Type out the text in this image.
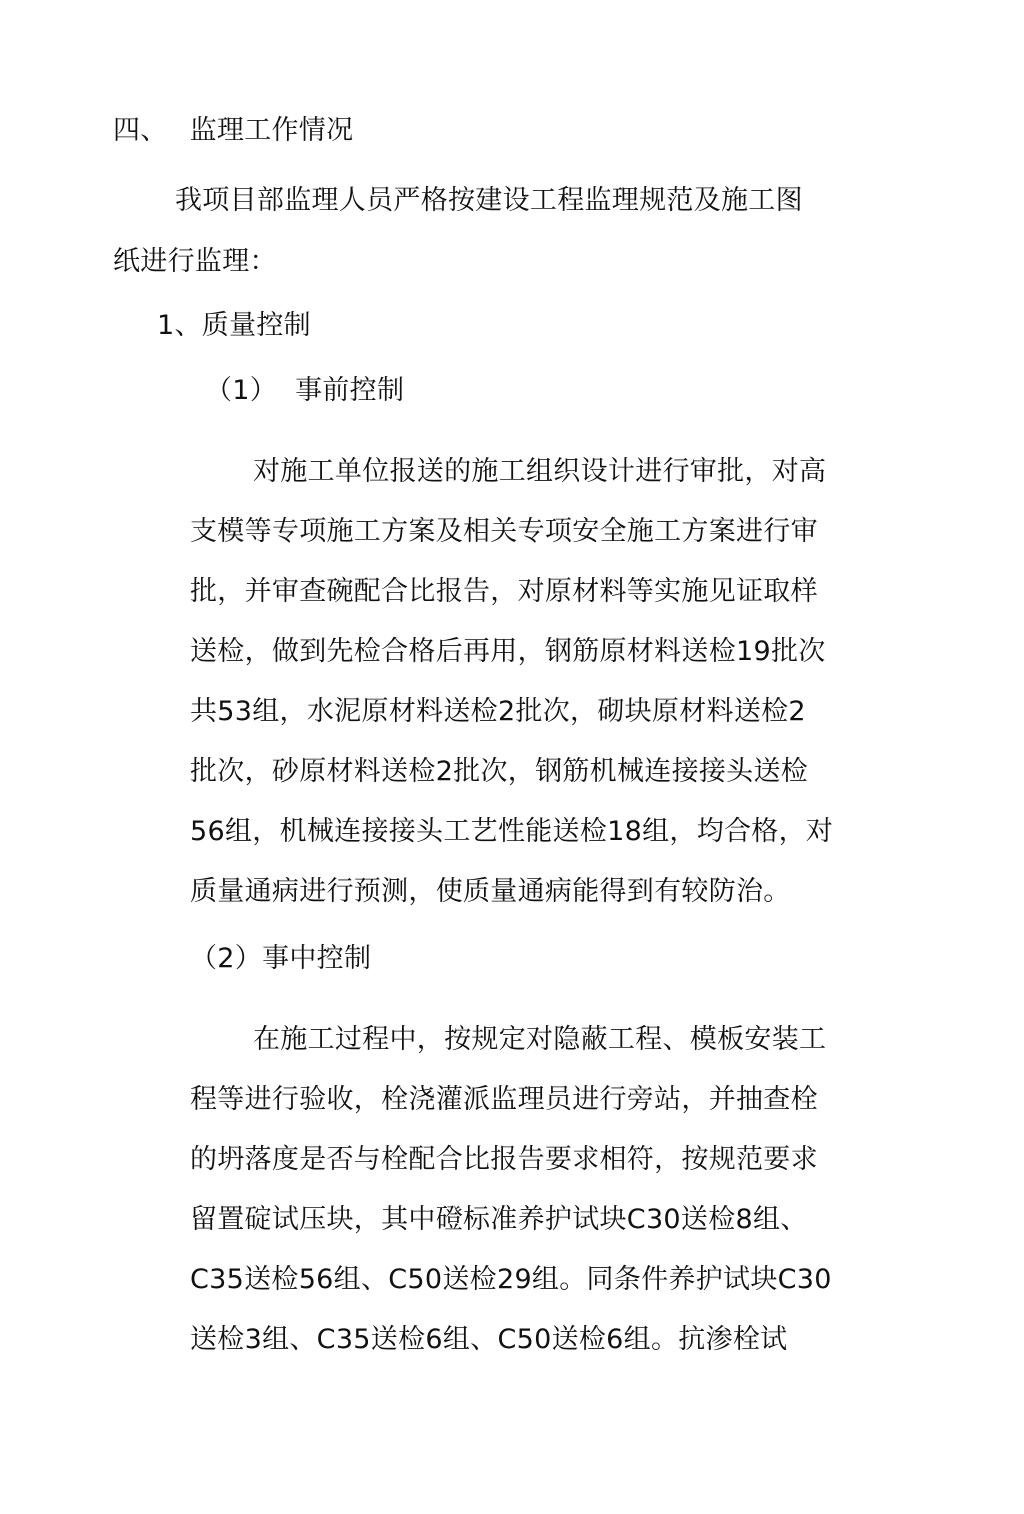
四、 监理工作情况
我项目部监理人员严格按建设工程监理规范及施工图
纸进行监理：
1、质量控制
（1） 事前控制
对施工单位报送的施工组织设计进行审批，对高
支模等专项施工方案及相关专项安全施工方案进行审
批，并审查碗配合比报告，对原材料等实施见证取样
送检，做到先检合格后再用，钢筋原材料送检19批次
共53组，水泥原材料送检2批次，砌块原材料送检2
批次，砂原材料送检2批次，钢筋机械连接接头送检
56组，机械连接接头工艺性能送检18组，均合格，对
质量通病进行预测，使质量通病能得到有较防治。
（2）事中控制
在施工过程中，按规定对隐蔽工程、模板安装工
程等进行验收，栓浇灌派监理员进行旁站，并抽查栓
的坍落度是否与栓配合比报告要求相符，按规范要求
留置碇试压块，其中磴标准养护试块C30送检8组、
C35送检56组、C50送检29组。同条件养护试块C30
送检3组、C35送检6组、C50送检6组。抗渗栓试
